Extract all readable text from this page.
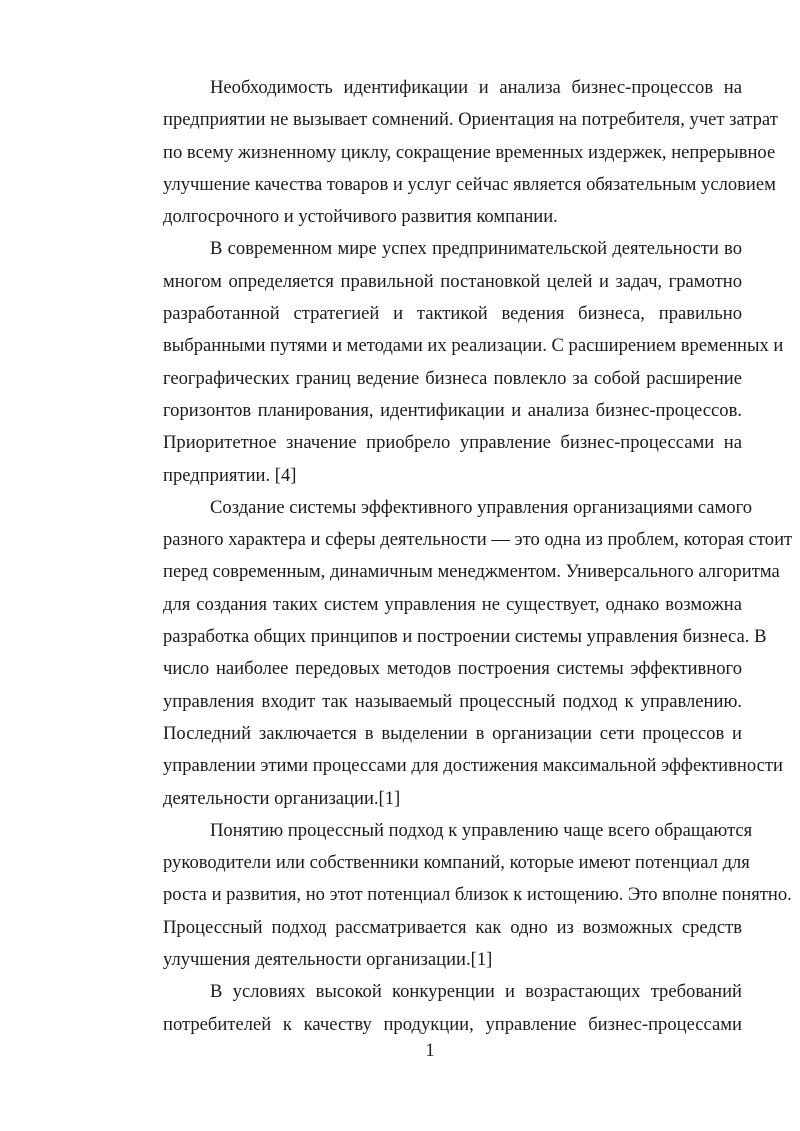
Необходимость идентификации и анализа бизнес-процессов на
предприятии не вызывает сомнений. Ориентация на потребителя, учет затрат
по всему жизненному циклу, сокращение временных издержек, непрерывное
улучшение качества товаров и услуг сейчас является обязательным условием
долгосрочного и устойчивого развития компании.
В современном мире успех предпринимательской деятельности во
многом определяется правильной постановкой целей и задач, грамотно
разработанной стратегией и тактикой ведения бизнеса, правильно
выбранными путями и методами их реализации. С расширением временных и
географических границ ведение бизнеса повлекло за собой расширение
горизонтов планирования, идентификации и анализа бизнес-процессов.
Приоритетное значение приобрело управление бизнес-процессами на
предприятии. [4]
Создание системы эффективного управления организациями самого
разного характера и сферы деятельности — это одна из проблем, которая стоит
перед современным, динамичным менеджментом. Универсального алгоритма
для создания таких систем управления не существует, однако возможна
разработка общих принципов и построении системы управления бизнеса. В
число наиболее передовых методов построения системы эффективного
управления входит так называемый процессный подход к управлению.
Последний заключается в выделении в организации сети процессов и
управлении этими процессами для достижения максимальной эффективности
деятельности организации.[1]
Понятию процессный подход к управлению чаще всего обращаются
руководители или собственники компаний, которые имеют потенциал для
роста и развития, но этот потенциал близок к истощению. Это вполне понятно.
Процессный подход рассматривается как одно из возможных средств
улучшения деятельности организации.[1]
В условиях высокой конкуренции и возрастающих требований
потребителей к качеству продукции, управление бизнес-процессами
1
